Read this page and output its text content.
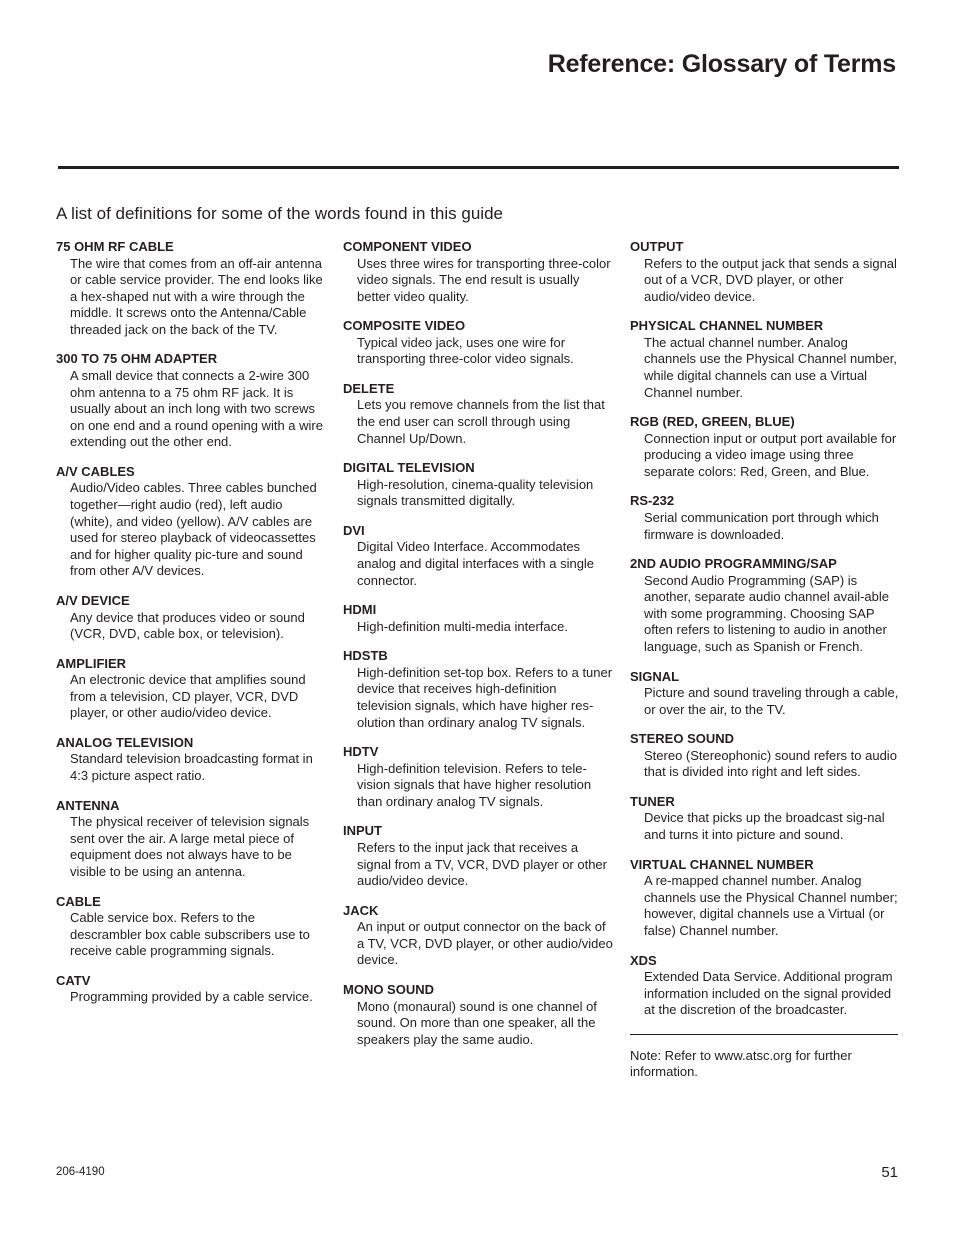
Reference: Glossary of Terms
A list of definitions for some of the words found in this guide
75 OHM RF CABLE
The wire that comes from an off-air antenna or cable service provider. The end looks like a hex-shaped nut with a wire through the middle. It screws onto the Antenna/Cable threaded jack on the back of the TV.
300 TO 75 OHM ADAPTER
A small device that connects a 2-wire 300 ohm antenna to a 75 ohm RF jack. It is usually about an inch long with two screws on one end and a round opening with a wire extending out the other end.
A/V CABLES
Audio/Video cables. Three cables bunched together—right audio (red), left audio (white), and video (yellow). A/V cables are used for stereo playback of videocassettes and for higher quality pic-ture and sound from other A/V devices.
A/V DEVICE
Any device that produces video or sound (VCR, DVD, cable box, or television).
AMPLIFIER
An electronic device that amplifies sound from a television, CD player, VCR, DVD player, or other audio/video device.
ANALOG TELEVISION
Standard television broadcasting format in 4:3 picture aspect ratio.
ANTENNA
The physical receiver of television signals sent over the air. A large metal piece of equipment does not always have to be visible to be using an antenna.
CABLE
Cable service box. Refers to the descrambler box cable subscribers use to receive cable programming signals.
CATV
Programming provided by a cable service.
COMPONENT VIDEO
Uses three wires for transporting three-color video signals. The end result is usually better video quality.
COMPOSITE VIDEO
Typical video jack, uses one wire for transporting three-color video signals.
DELETE
Lets you remove channels from the list that the end user can scroll through using Channel Up/Down.
DIGITAL TELEVISION
High-resolution, cinema-quality television signals transmitted digitally.
DVI
Digital Video Interface. Accommodates analog and digital interfaces with a single connector.
HDMI
High-definition multi-media interface.
HDSTB
High-definition set-top box. Refers to a tuner device that receives high-definition television signals, which have higher res-olution than ordinary analog TV signals.
HDTV
High-definition television. Refers to tele-vision signals that have higher resolution than ordinary analog TV signals.
INPUT
Refers to the input jack that receives a signal from a TV, VCR, DVD player or other audio/video device.
JACK
An input or output connector on the back of a TV, VCR, DVD player, or other audio/video device.
MONO SOUND
Mono (monaural) sound is one channel of sound. On more than one speaker, all the speakers play the same audio.
OUTPUT
Refers to the output jack that sends a signal out of a VCR, DVD player, or other audio/video device.
PHYSICAL CHANNEL NUMBER
The actual channel number. Analog channels use the Physical Channel number, while digital channels can use a Virtual Channel number.
RGB (RED, GREEN, BLUE)
Connection input or output port available for producing a video image using three separate colors: Red, Green, and Blue.
RS-232
Serial communication port through which firmware is downloaded.
2ND AUDIO PROGRAMMING/SAP
Second Audio Programming (SAP) is another, separate audio channel avail-able with some programming. Choosing SAP often refers to listening to audio in another language, such as Spanish or French.
SIGNAL
Picture and sound traveling through a cable, or over the air, to the TV.
STEREO SOUND
Stereo (Stereophonic) sound refers to audio that is divided into right and left sides.
TUNER
Device that picks up the broadcast sig-nal and turns it into picture and sound.
VIRTUAL CHANNEL NUMBER
A re-mapped channel number. Analog channels use the Physical Channel number; however, digital channels use a Virtual (or false) Channel number.
XDS
Extended Data Service. Additional program information included on the signal provided at the discretion of the broadcaster.
Note: Refer to www.atsc.org for further information.
206-4190	51
